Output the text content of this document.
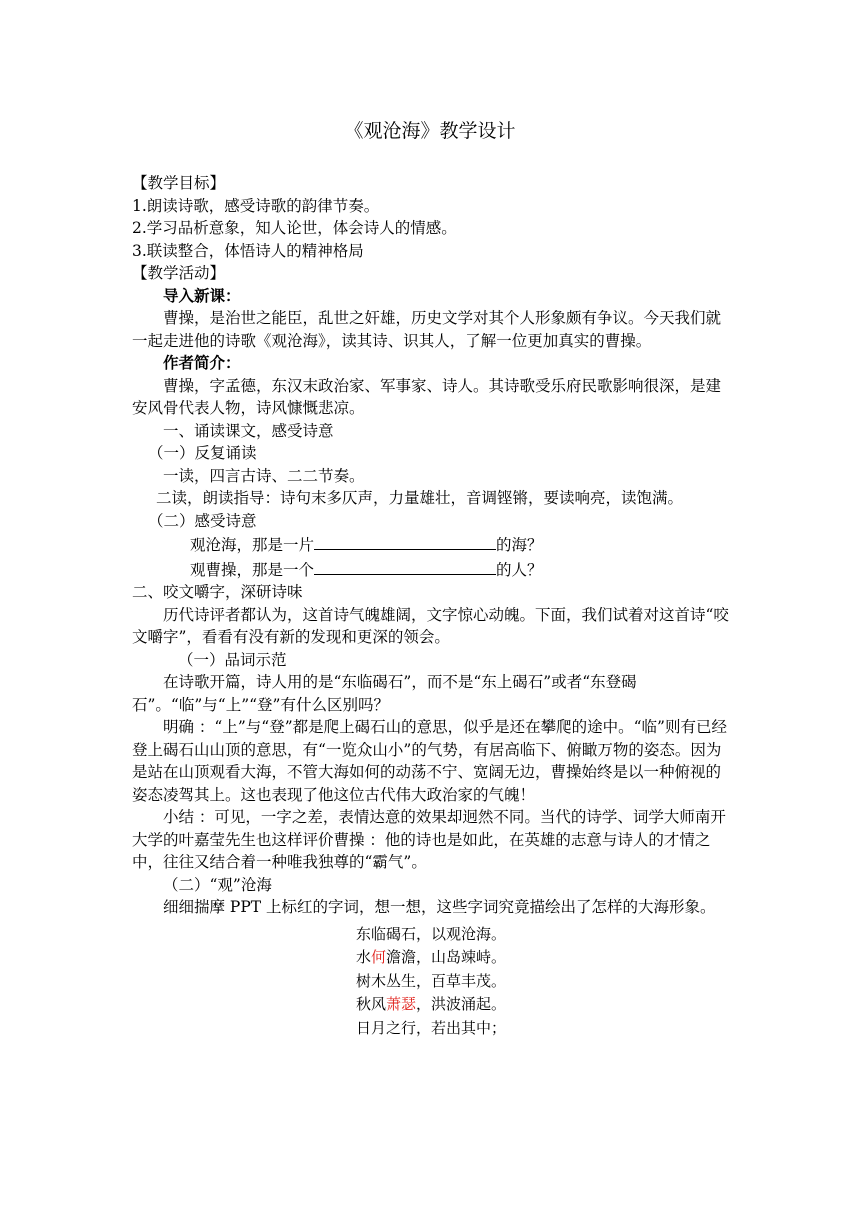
《观沧海》教学设计

【教学目标】

1.朗读诗歌，感受诗歌的韵律节奏。

2.学习品析意象，知人论世，体会诗人的情感。

3.联读整合，体悟诗人的精神格局

【教学活动】

导入新课：

曹操，是治世之能臣，乱世之奸雄，历史文学对其个人形象颇有争议。今天我们就一起走进他的诗歌《观沧海》，读其诗、识其人，了解一位更加真实的曹操。

作者简介：

曹操，字孟德，东汉末政治家、军事家、诗人。其诗歌受乐府民歌影响很深，是建安风骨代表人物，诗风慷慨悲凉。

一、诵读课文，感受诗意

（一）反复诵读

一读，四言古诗、二二节奏。

二读，朗读指导：诗句末多仄声，力量雄壮，音调铿锵，要读响亮，读饱满。

（二）感受诗意

观沧海，那是一片	的海？

观曹操，那是一个	的人？

二、咬文嚼字，深研诗味

历代诗评者都认为，这首诗气魄雄阔，文字惊心动魄。下面，我们试着对这首诗“咬文嚼字”，看看有没有新的发现和更深的领会。

（一）品词示范

在诗歌开篇，诗人用的是“东临碣石”，而不是“东上碣石”或者“东登碣石”。“临”与“上”“登”有什么区别吗？

明确 ：“上”与“登”都是爬上碣石山的意思，似乎是还在攀爬的途中。“临”则有已经登上碣石山山顶的意思，有“一览众山小”的气势，有居高临下、俯瞰万物的姿态。因为是站在山顶观看大海，不管大海如何的动荡不宁、宽阔无边，曹操始终是以一种俯视的姿态凌驾其上。这也表现了他这位古代伟大政治家的气魄！

小结 ：可见，一字之差，表情达意的效果却迥然不同。当代的诗学、词学大师南开大学的叶嘉莹先生也这样评价曹操 ：他的诗也是如此，在英雄的志意与诗人的才情之中，往往又结合着一种唯我独尊的“霸气”。

（二）“观”沧海

细细揣摩 PPT 上标红的字词，想一想，这些字词究竟描绘出了怎样的大海形象。

东临碣石，以观沧海。
水何澹澹，山岛竦峙。
树木丛生，百草丰茂。
秋风萧瑟，洪波涌起。
日月之行，若出其中；
